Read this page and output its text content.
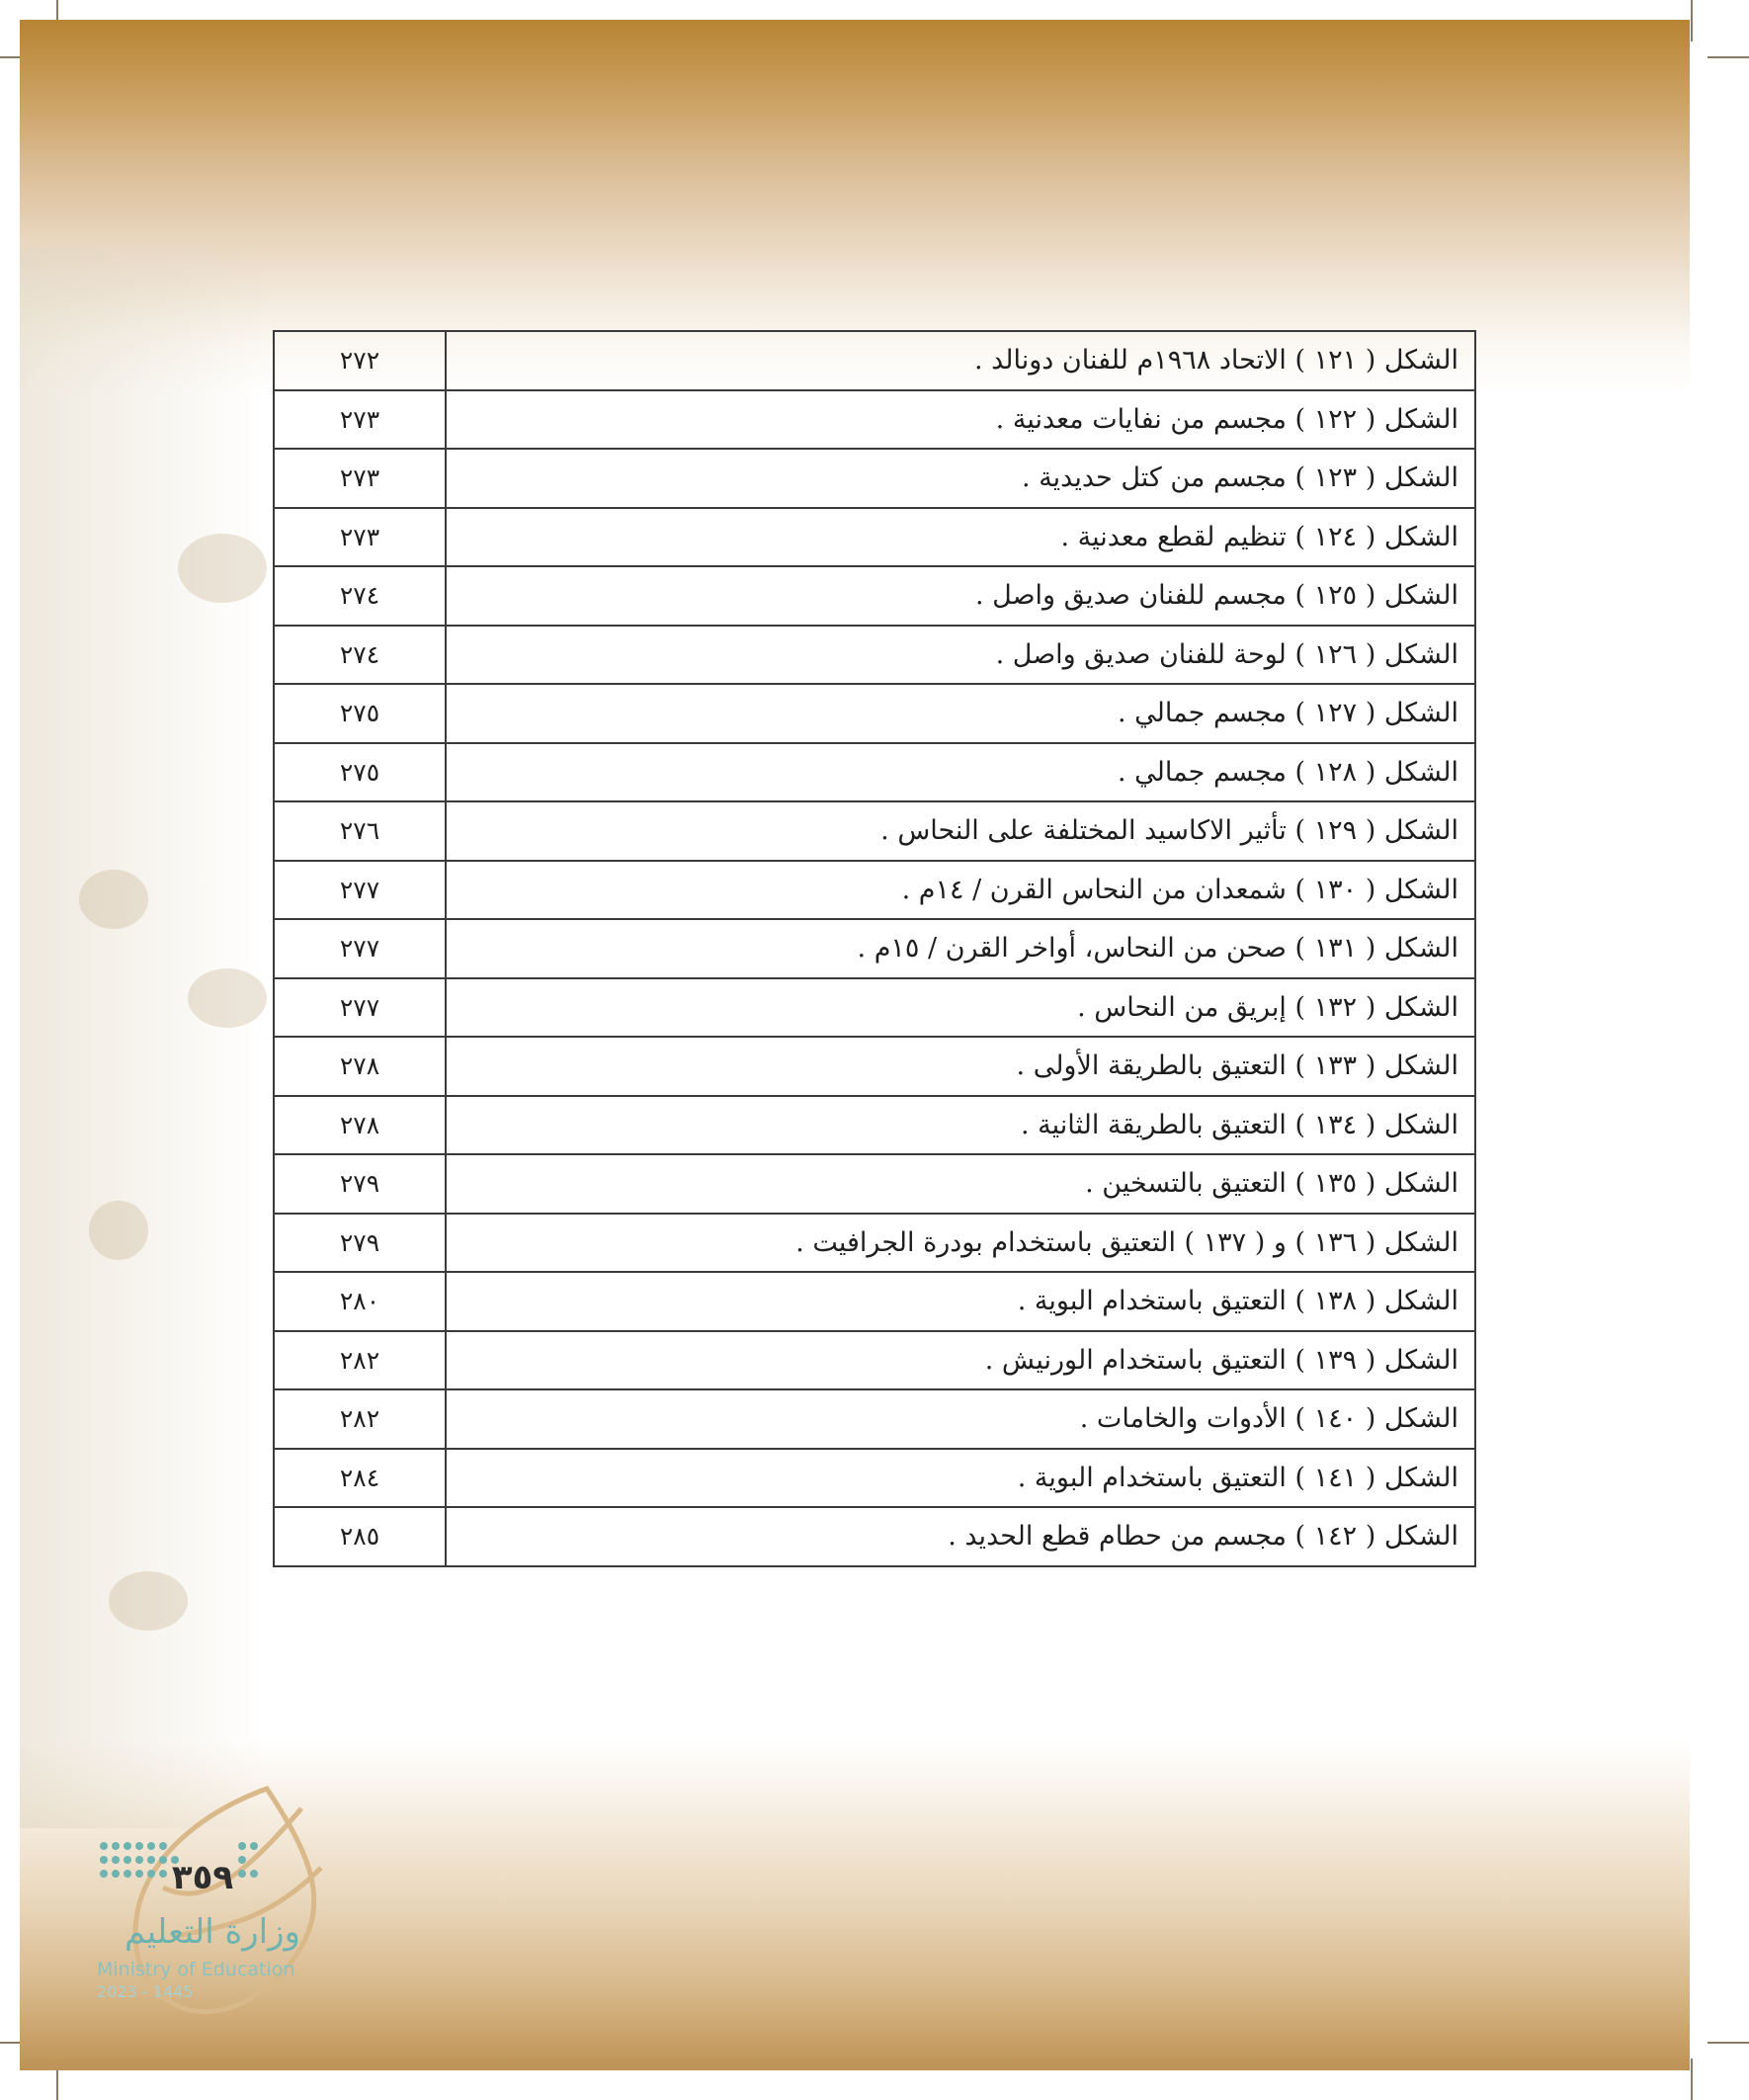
الشكل ( ١٢١ ) الاتحاد ١٩٦٨م للفنان دونالد .	٢٧٢
الشكل ( ١٢٢ ) مجسم من نفايات معدنية .	٢٧٣
الشكل ( ١٢٣ ) مجسم من كتل حديدية .	٢٧٣
الشكل ( ١٢٤ ) تنظيم لقطع معدنية .	٢٧٣
الشكل ( ١٢٥ ) مجسم للفنان صديق واصل .	٢٧٤
الشكل ( ١٢٦ ) لوحة للفنان صديق واصل .	٢٧٤
الشكل ( ١٢٧ ) مجسم جمالي .	٢٧٥
الشكل ( ١٢٨ ) مجسم جمالي .	٢٧٥
الشكل ( ١٢٩ ) تأثير الاكاسيد المختلفة على النحاس .	٢٧٦
الشكل ( ١٣٠ ) شمعدان من النحاس القرن / ١٤م .	٢٧٧
الشكل ( ١٣١ ) صحن من النحاس، أواخر القرن / ١٥م .	٢٧٧
الشكل ( ١٣٢ ) إبريق من النحاس .	٢٧٧
الشكل ( ١٣٣ ) التعتيق بالطريقة الأولى .	٢٧٨
الشكل ( ١٣٤ ) التعتيق بالطريقة الثانية .	٢٧٨
الشكل ( ١٣٥ ) التعتيق بالتسخين .	٢٧٩
الشكل ( ١٣٦ ) و ( ١٣٧ ) التعتيق باستخدام بودرة الجرافيت .	٢٧٩
الشكل ( ١٣٨ ) التعتيق باستخدام البوية .	٢٨٠
الشكل ( ١٣٩ ) التعتيق باستخدام الورنيش .	٢٨٢
الشكل ( ١٤٠ ) الأدوات والخامات .	٢٨٢
الشكل ( ١٤١ ) التعتيق باستخدام البوية .	٢٨٤
الشكل ( ١٤٢ ) مجسم من حطام قطع الحديد .	٢٨٥
٣٥٩
وزارة التعليم
Ministry of Education
2023 - 1445
